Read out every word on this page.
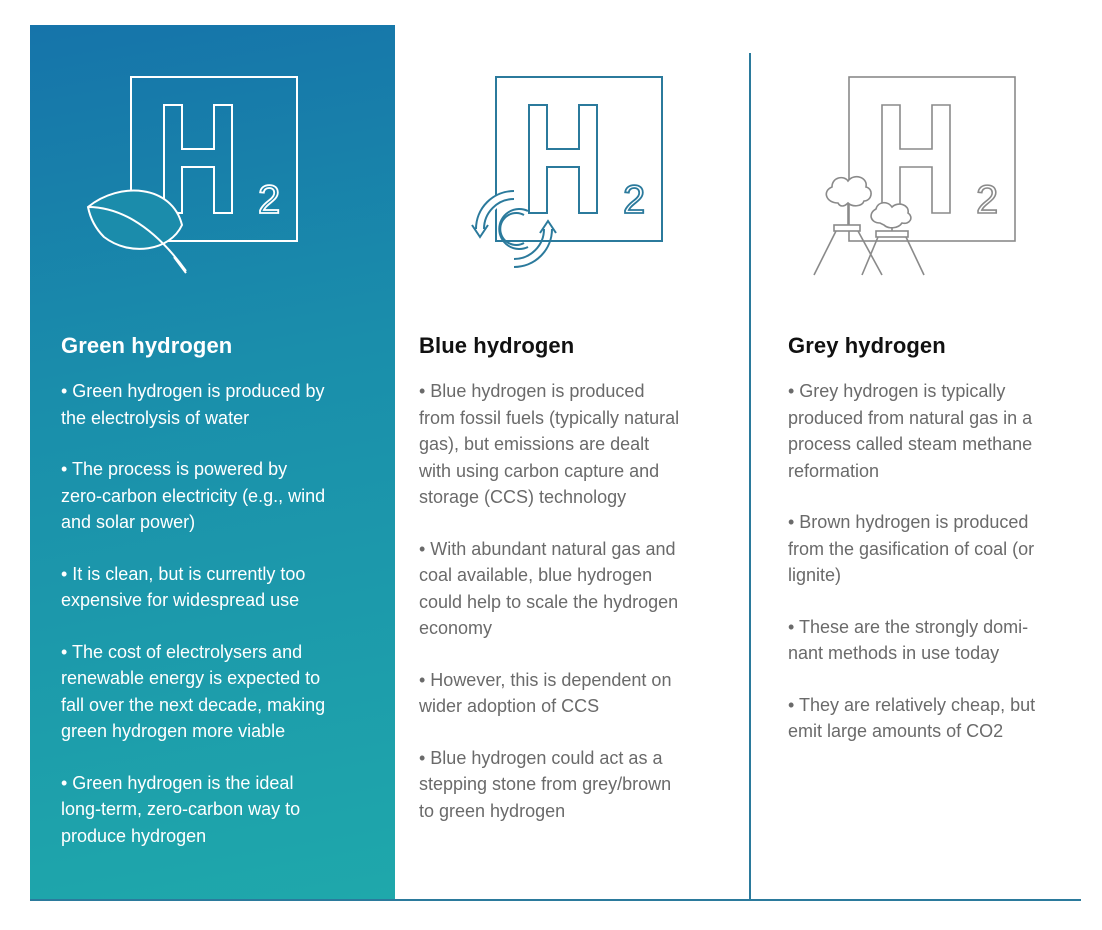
2	2	2
Green hydrogen
• Green hydrogen is produced by
the electrolysis of water
• The process is powered by
zero-carbon electricity (e.g., wind
and solar power)
• It is clean, but is currently too
expensive for widespread use
• The cost of electrolysers and
renewable energy is expected to
fall over the next decade, making
green hydrogen more viable
• Green hydrogen is the ideal
long-term, zero-carbon way to
produce hydrogen
Blue hydrogen
• Blue hydrogen is produced
from fossil fuels (typically natural
gas), but emissions are dealt
with using carbon capture and
storage (CCS) technology
• With abundant natural gas and
coal available, blue hydrogen
could help to scale the hydrogen
economy
• However, this is dependent on
wider adoption of CCS
• Blue hydrogen could act as a
stepping stone from grey/brown
to green hydrogen
Grey hydrogen
• Grey hydrogen is typically
produced from natural gas in a
process called steam methane
reformation
• Brown hydrogen is produced
from the gasification of coal (or
lignite)
• These are the strongly domi-
nant methods in use today
• They are relatively cheap, but
emit large amounts of CO2
